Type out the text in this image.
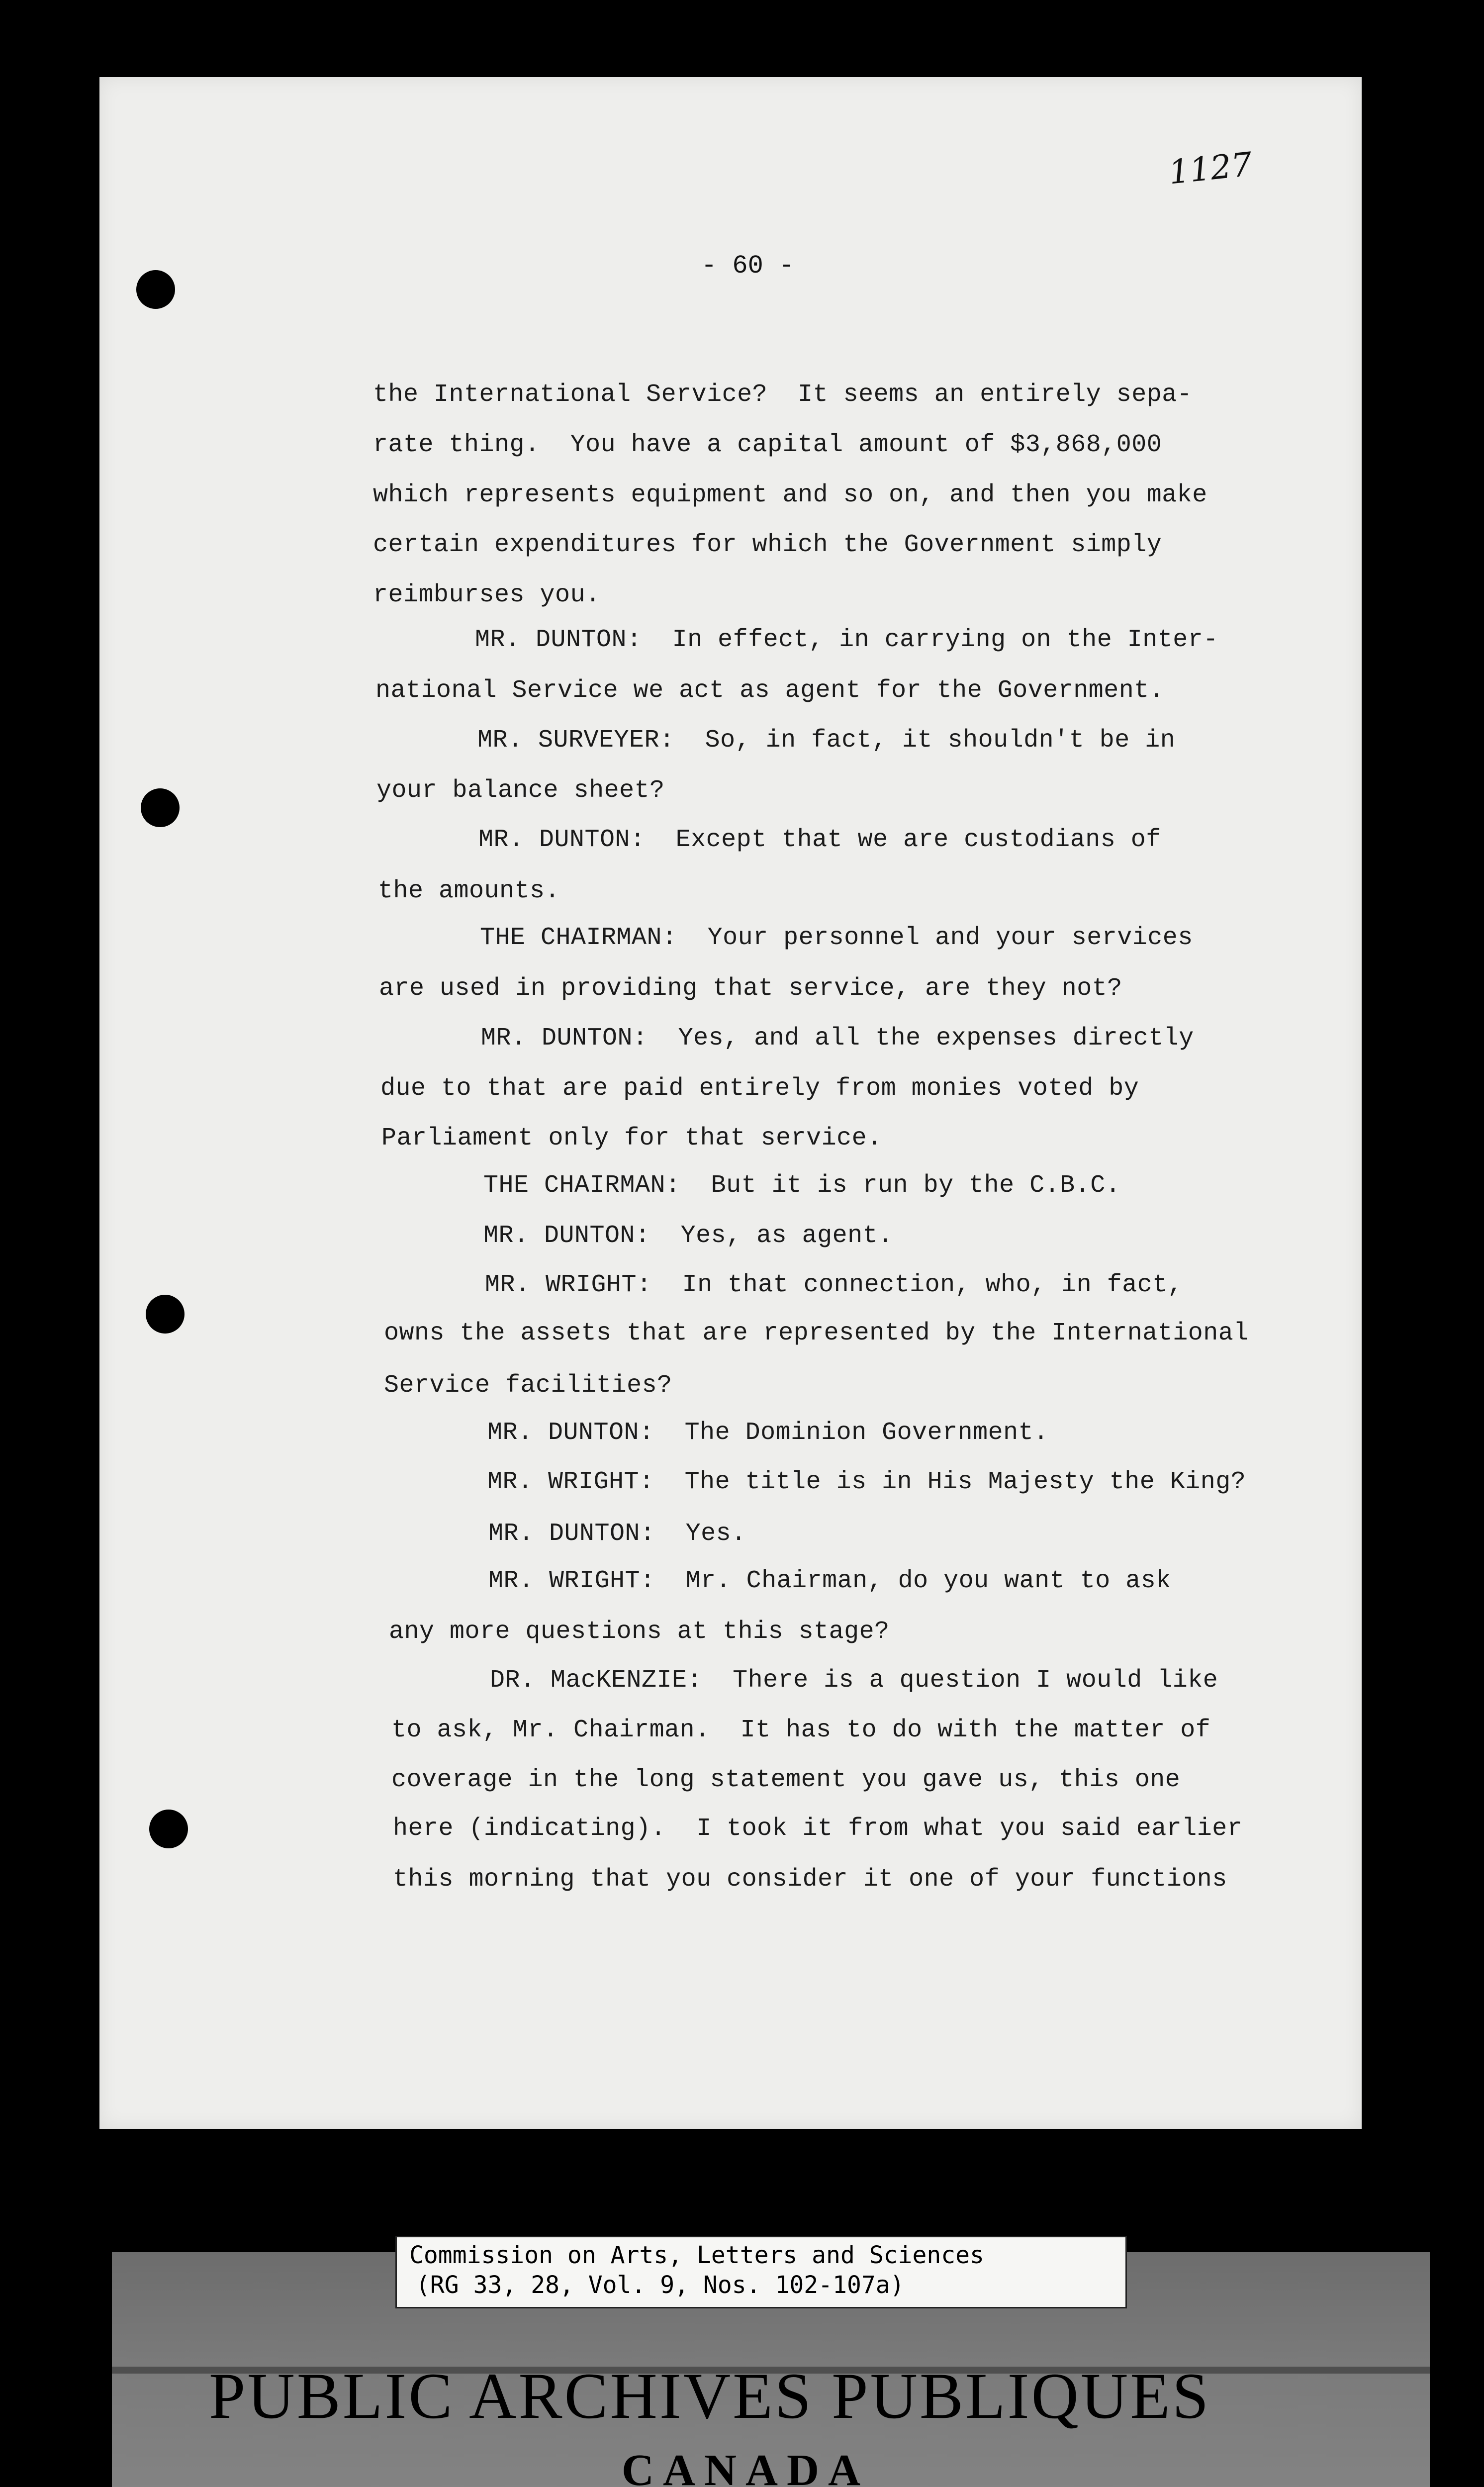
1127
- 60 -
the International Service?  It seems an entirely sepa-
rate thing.  You have a capital amount of $3,868,000
which represents equipment and so on, and then you make
certain expenditures for which the Government simply
reimburses you.
MR. DUNTON:  In effect, in carrying on the Inter-
national Service we act as agent for the Government.
MR. SURVEYER:  So, in fact, it shouldn't be in
your balance sheet?
MR. DUNTON:  Except that we are custodians of
the amounts.
THE CHAIRMAN:  Your personnel and your services
are used in providing that service, are they not?
MR. DUNTON:  Yes, and all the expenses directly
due to that are paid entirely from monies voted by
Parliament only for that service.
THE CHAIRMAN:  But it is run by the C.B.C.
MR. DUNTON:  Yes, as agent.
MR. WRIGHT:  In that connection, who, in fact,
owns the assets that are represented by the International
Service facilities?
MR. DUNTON:  The Dominion Government.
MR. WRIGHT:  The title is in His Majesty the King?
MR. DUNTON:  Yes.
MR. WRIGHT:  Mr. Chairman, do you want to ask
any more questions at this stage?
DR. MacKENZIE:  There is a question I would like
to ask, Mr. Chairman.  It has to do with the matter of
coverage in the long statement you gave us, this one
here (indicating).  I took it from what you said earlier
this morning that you consider it one of your functions
Commission on Arts, Letters and Sciences
(RG 33, 28, Vol. 9, Nos. 102-107a)
PUBLIC ARCHIVES PUBLIQUES
CANADA
